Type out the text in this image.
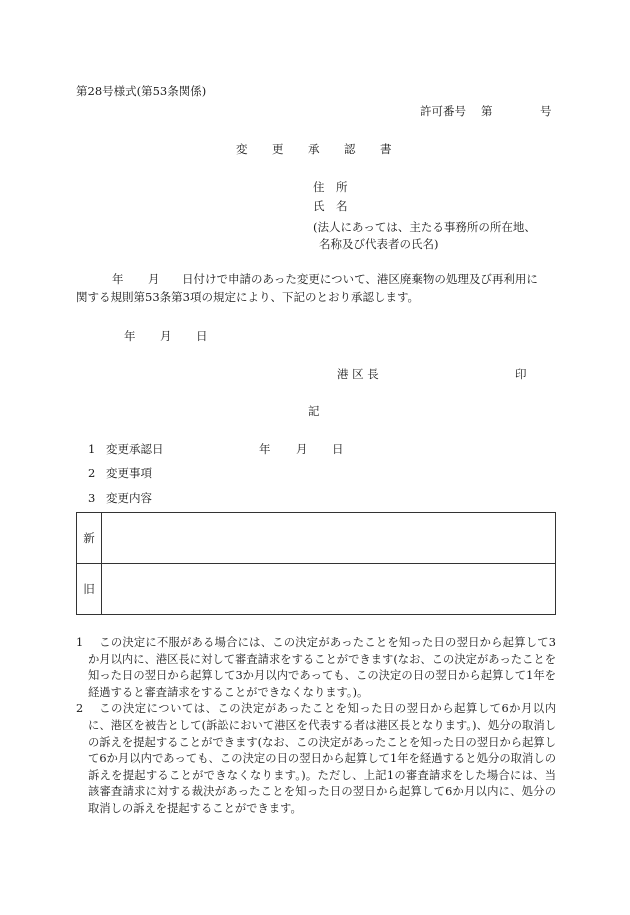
第28号様式(第53条関係)
許可番号 第	号
変 更 承 認 書
住　所
氏　名
(法人にあっては、主たる事務所の所在地、
名称及び代表者の氏名)
年 月 日付けで申請のあった変更について、港区廃棄物の処理及び再利用に
関する規則第53条第3項の規定により、下記のとおり承認します。
年 月 日
港 区 長	印
記
1 変更承認日	年 月 日
2 変更事項
3 変更内容
新	
旧	
1	この決定に不服がある場合には、この決定があったことを知った日の翌日から起算して3か月以内に、港区長に対して審査請求をすることができます(なお、この決定があったことを知った日の翌日から起算して3か月以内であっても、この決定の日の翌日から起算して1年を経過すると審査請求をすることができなくなります。)。
2	この決定については、この決定があったことを知った日の翌日から起算して6か月以内に、港区を被告として(訴訟において港区を代表する者は港区長となります。)、処分の取消しの訴えを提起することができます(なお、この決定があったことを知った日の翌日から起算して6か月以内であっても、この決定の日の翌日から起算して1年を経過すると処分の取消しの訴えを提起することができなくなります。)。ただし、上記1の審査請求をした場合には、当該審査請求に対する裁決があったことを知った日の翌日から起算して6か月以内に、処分の取消しの訴えを提起することができます。
